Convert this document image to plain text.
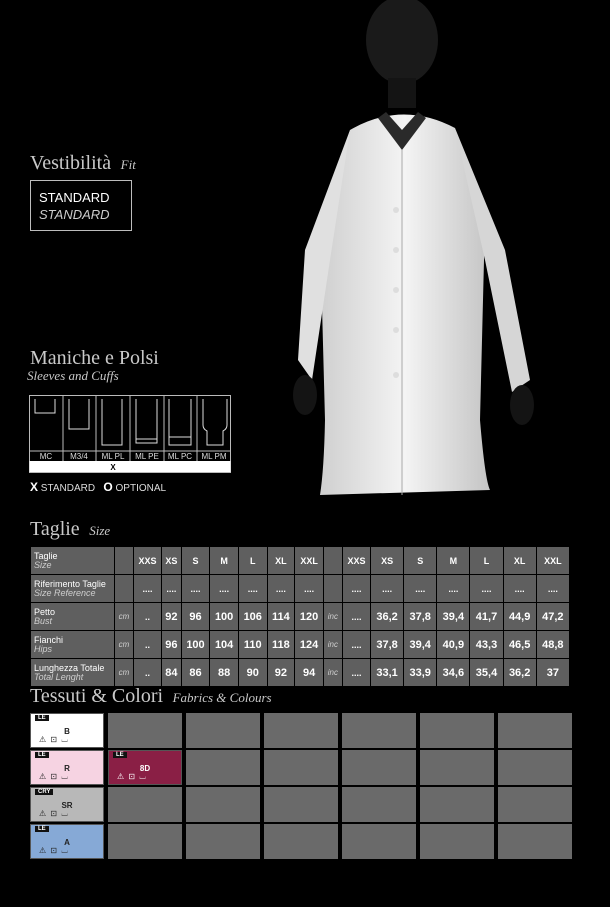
Vestibilità Fit
STANDARD
STANDARD
Maniche e Polsi
Sleeves and Cuffs
MC M3/4 ML PL ML PE ML PC ML PM
X
X STANDARD O OPTIONAL
Taglie Size
Taglie
Size		XXS	XS	S	M	L	XL	XXL		XXS	XS	S	M	L	XL	XXL
Riferimento Taglie
Size Reference		....	....	....	....	....	....	....		....	....	....	....	....	....	....
Petto
Bust	cm	..	92	96	100	106	114	120	inc	....	36,2	37,8	39,4	41,7	44,9	47,2
Fianchi
Hips	cm	..	96	100	104	110	118	124	inc	....	37,8	39,4	40,9	43,3	46,5	48,8
Lunghezza Totale
Total Lenght	cm	..	84	86	88	90	92	94	inc	....	33,1	33,9	34,6	35,4	36,2	37
Tessuti & Colori Fabrics & Colours
LE
B
⚠ ⊡ ⌴
LE
R
⚠ ⊡ ⌴
LE
8D
⚠ ⊡ ⌴
CRY
SR
⚠ ⊡ ⌴
LE
A
⚠ ⊡ ⌴
